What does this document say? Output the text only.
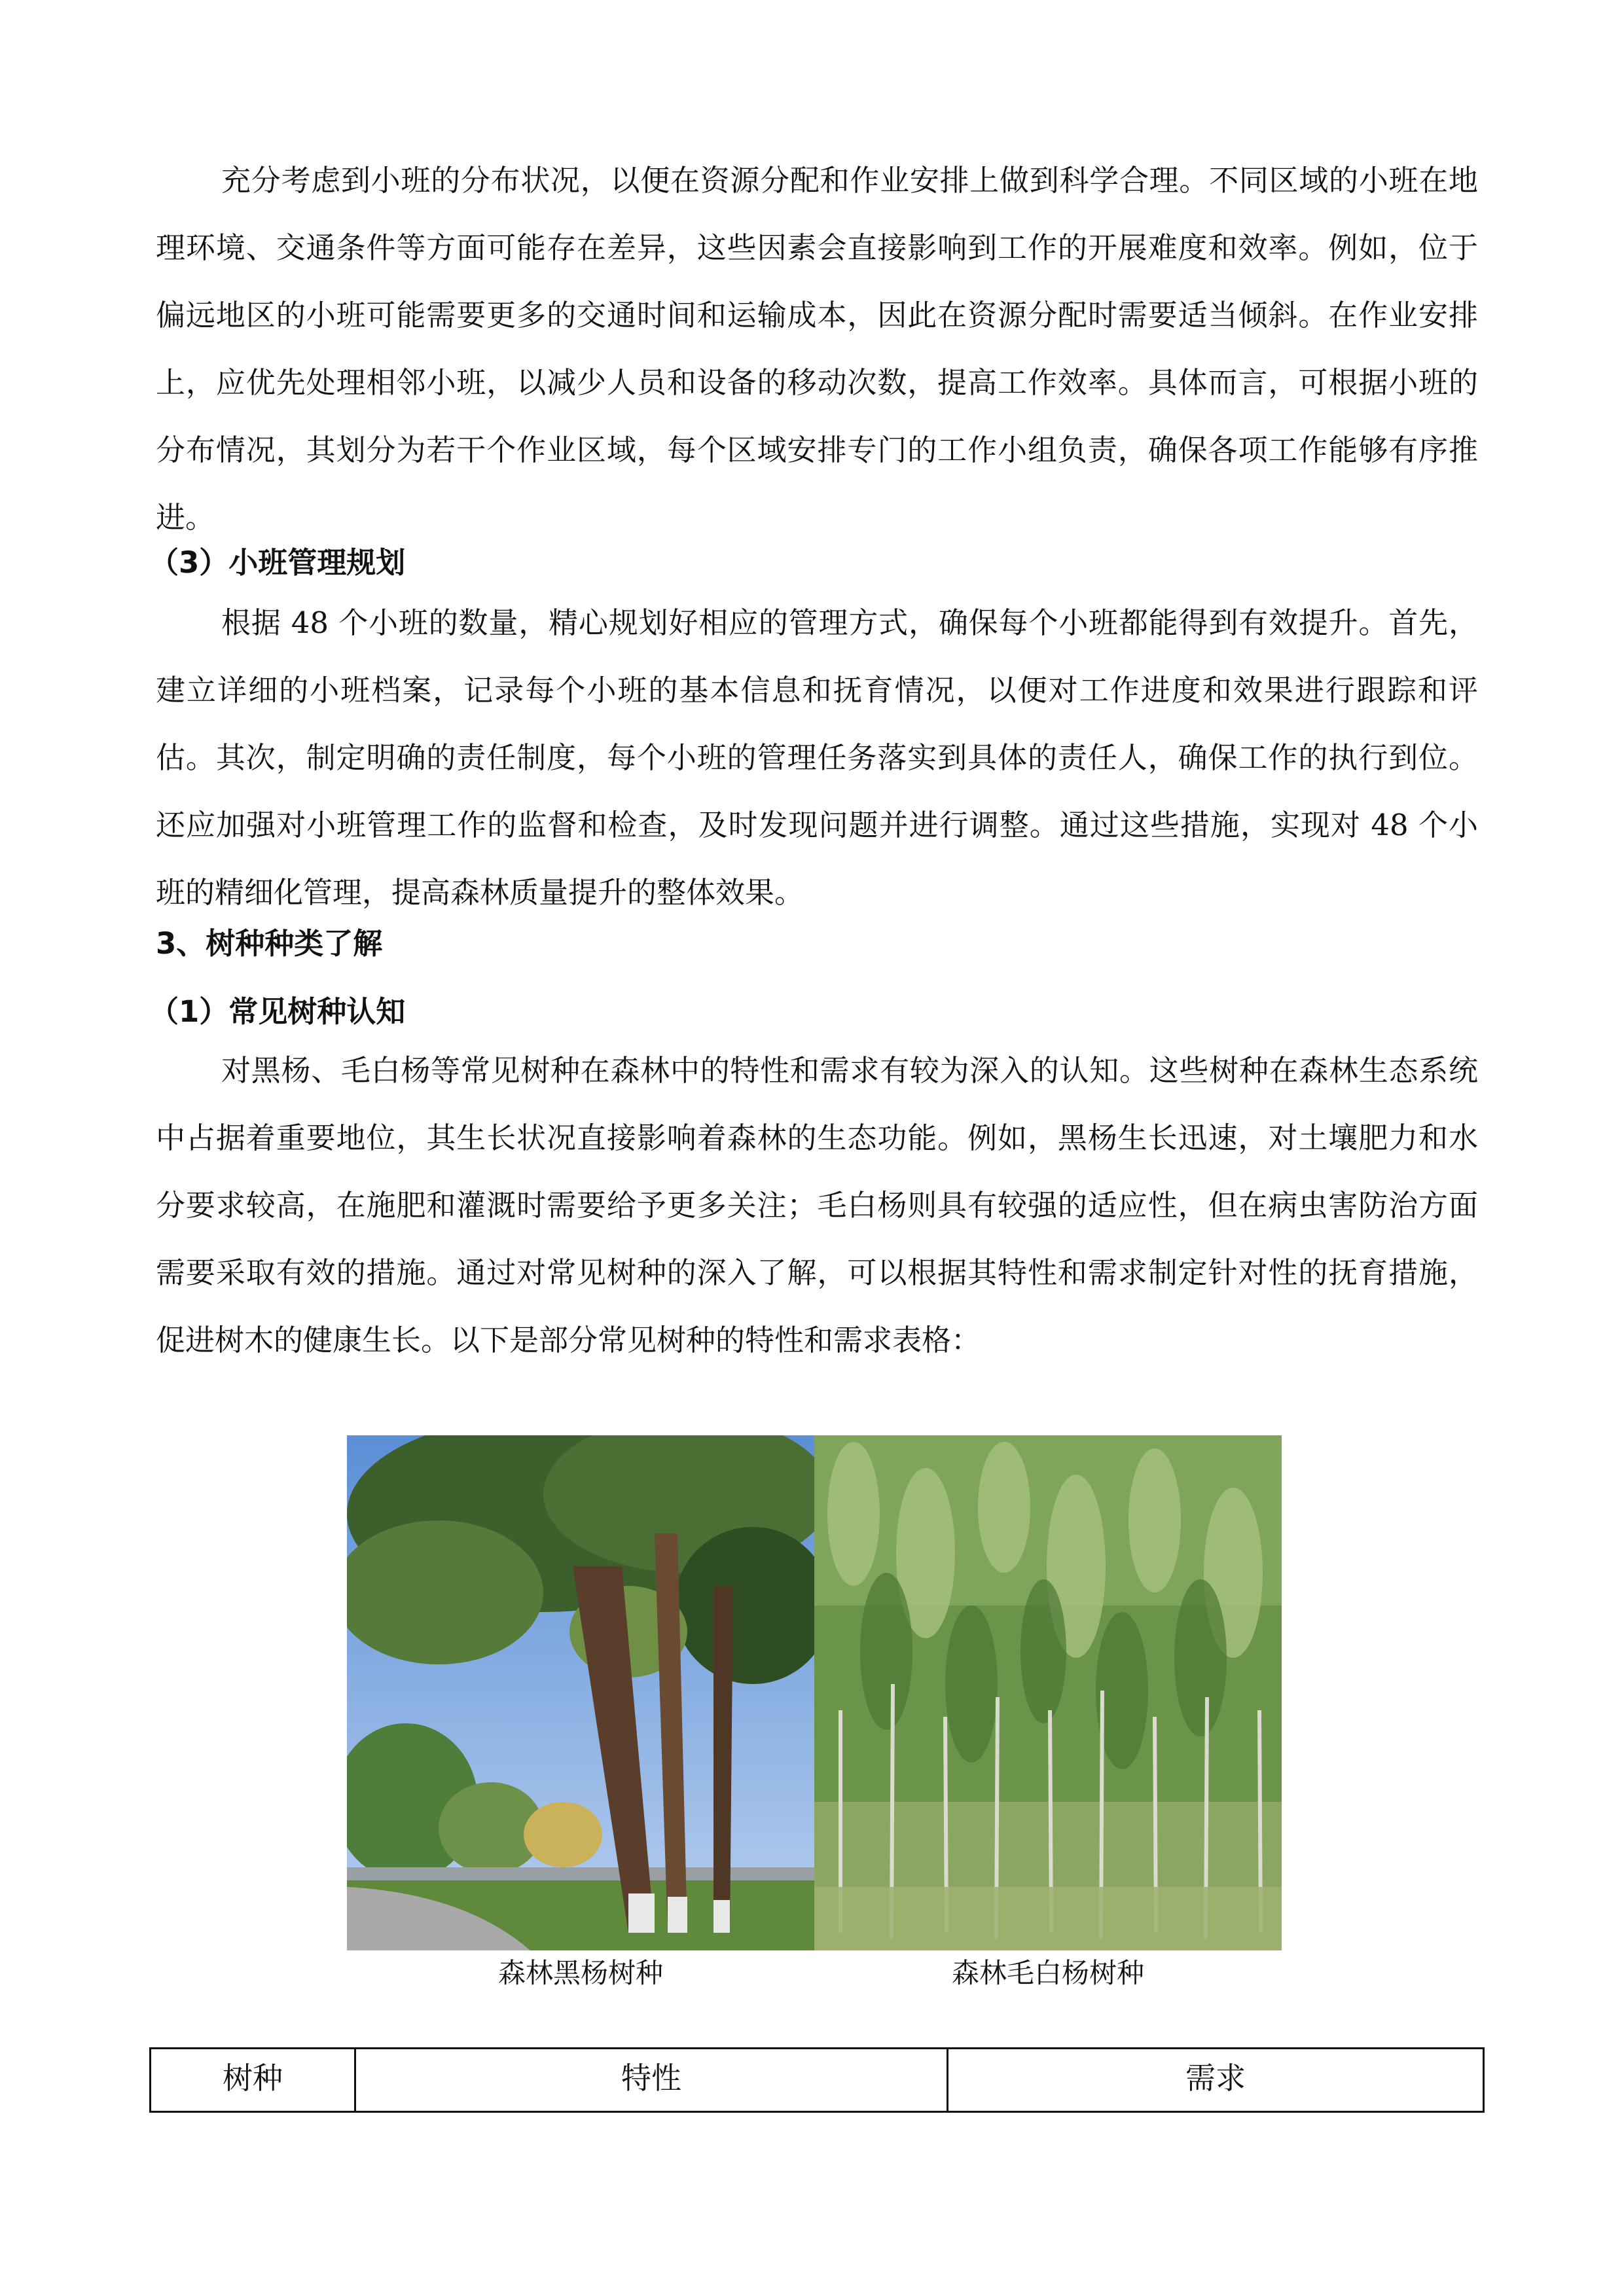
充分考虑到小班的分布状况，以便在资源分配和作业安排上做到科学合理。不同区域的小班在地理环境、交通条件等方面可能存在差异，这些因素会直接影响到工作的开展难度和效率。例如，位于偏远地区的小班可能需要更多的交通时间和运输成本，因此在资源分配时需要适当倾斜。在作业安排上，应优先处理相邻小班，以减少人员和设备的移动次数，提高工作效率。具体而言，可根据小班的分布情况，其划分为若干个作业区域，每个区域安排专门的工作小组负责，确保各项工作能够有序推进。

（3）小班管理规划

根据 48 个小班的数量，精心规划好相应的管理方式，确保每个小班都能得到有效提升。首先，建立详细的小班档案，记录每个小班的基本信息和抚育情况，以便对工作进度和效果进行跟踪和评估。其次，制定明确的责任制度，每个小班的管理任务落实到具体的责任人，确保工作的执行到位。还应加强对小班管理工作的监督和检查，及时发现问题并进行调整。通过这些措施，实现对 48 个小班的精细化管理，提高森林质量提升的整体效果。

3、树种种类了解

（1）常见树种认知

对黑杨、毛白杨等常见树种在森林中的特性和需求有较为深入的认知。这些树种在森林生态系统中占据着重要地位，其生长状况直接影响着森林的生态功能。例如，黑杨生长迅速，对土壤肥力和水分要求较高，在施肥和灌溉时需要给予更多关注；毛白杨则具有较强的适应性，但在病虫害防治方面需要采取有效的措施。通过对常见树种的深入了解，可以根据其特性和需求制定针对性的抚育措施，促进树木的健康生长。以下是部分常见树种的特性和需求表格：

森林黑杨树种	森林毛白杨树种
树种	特性	需求
